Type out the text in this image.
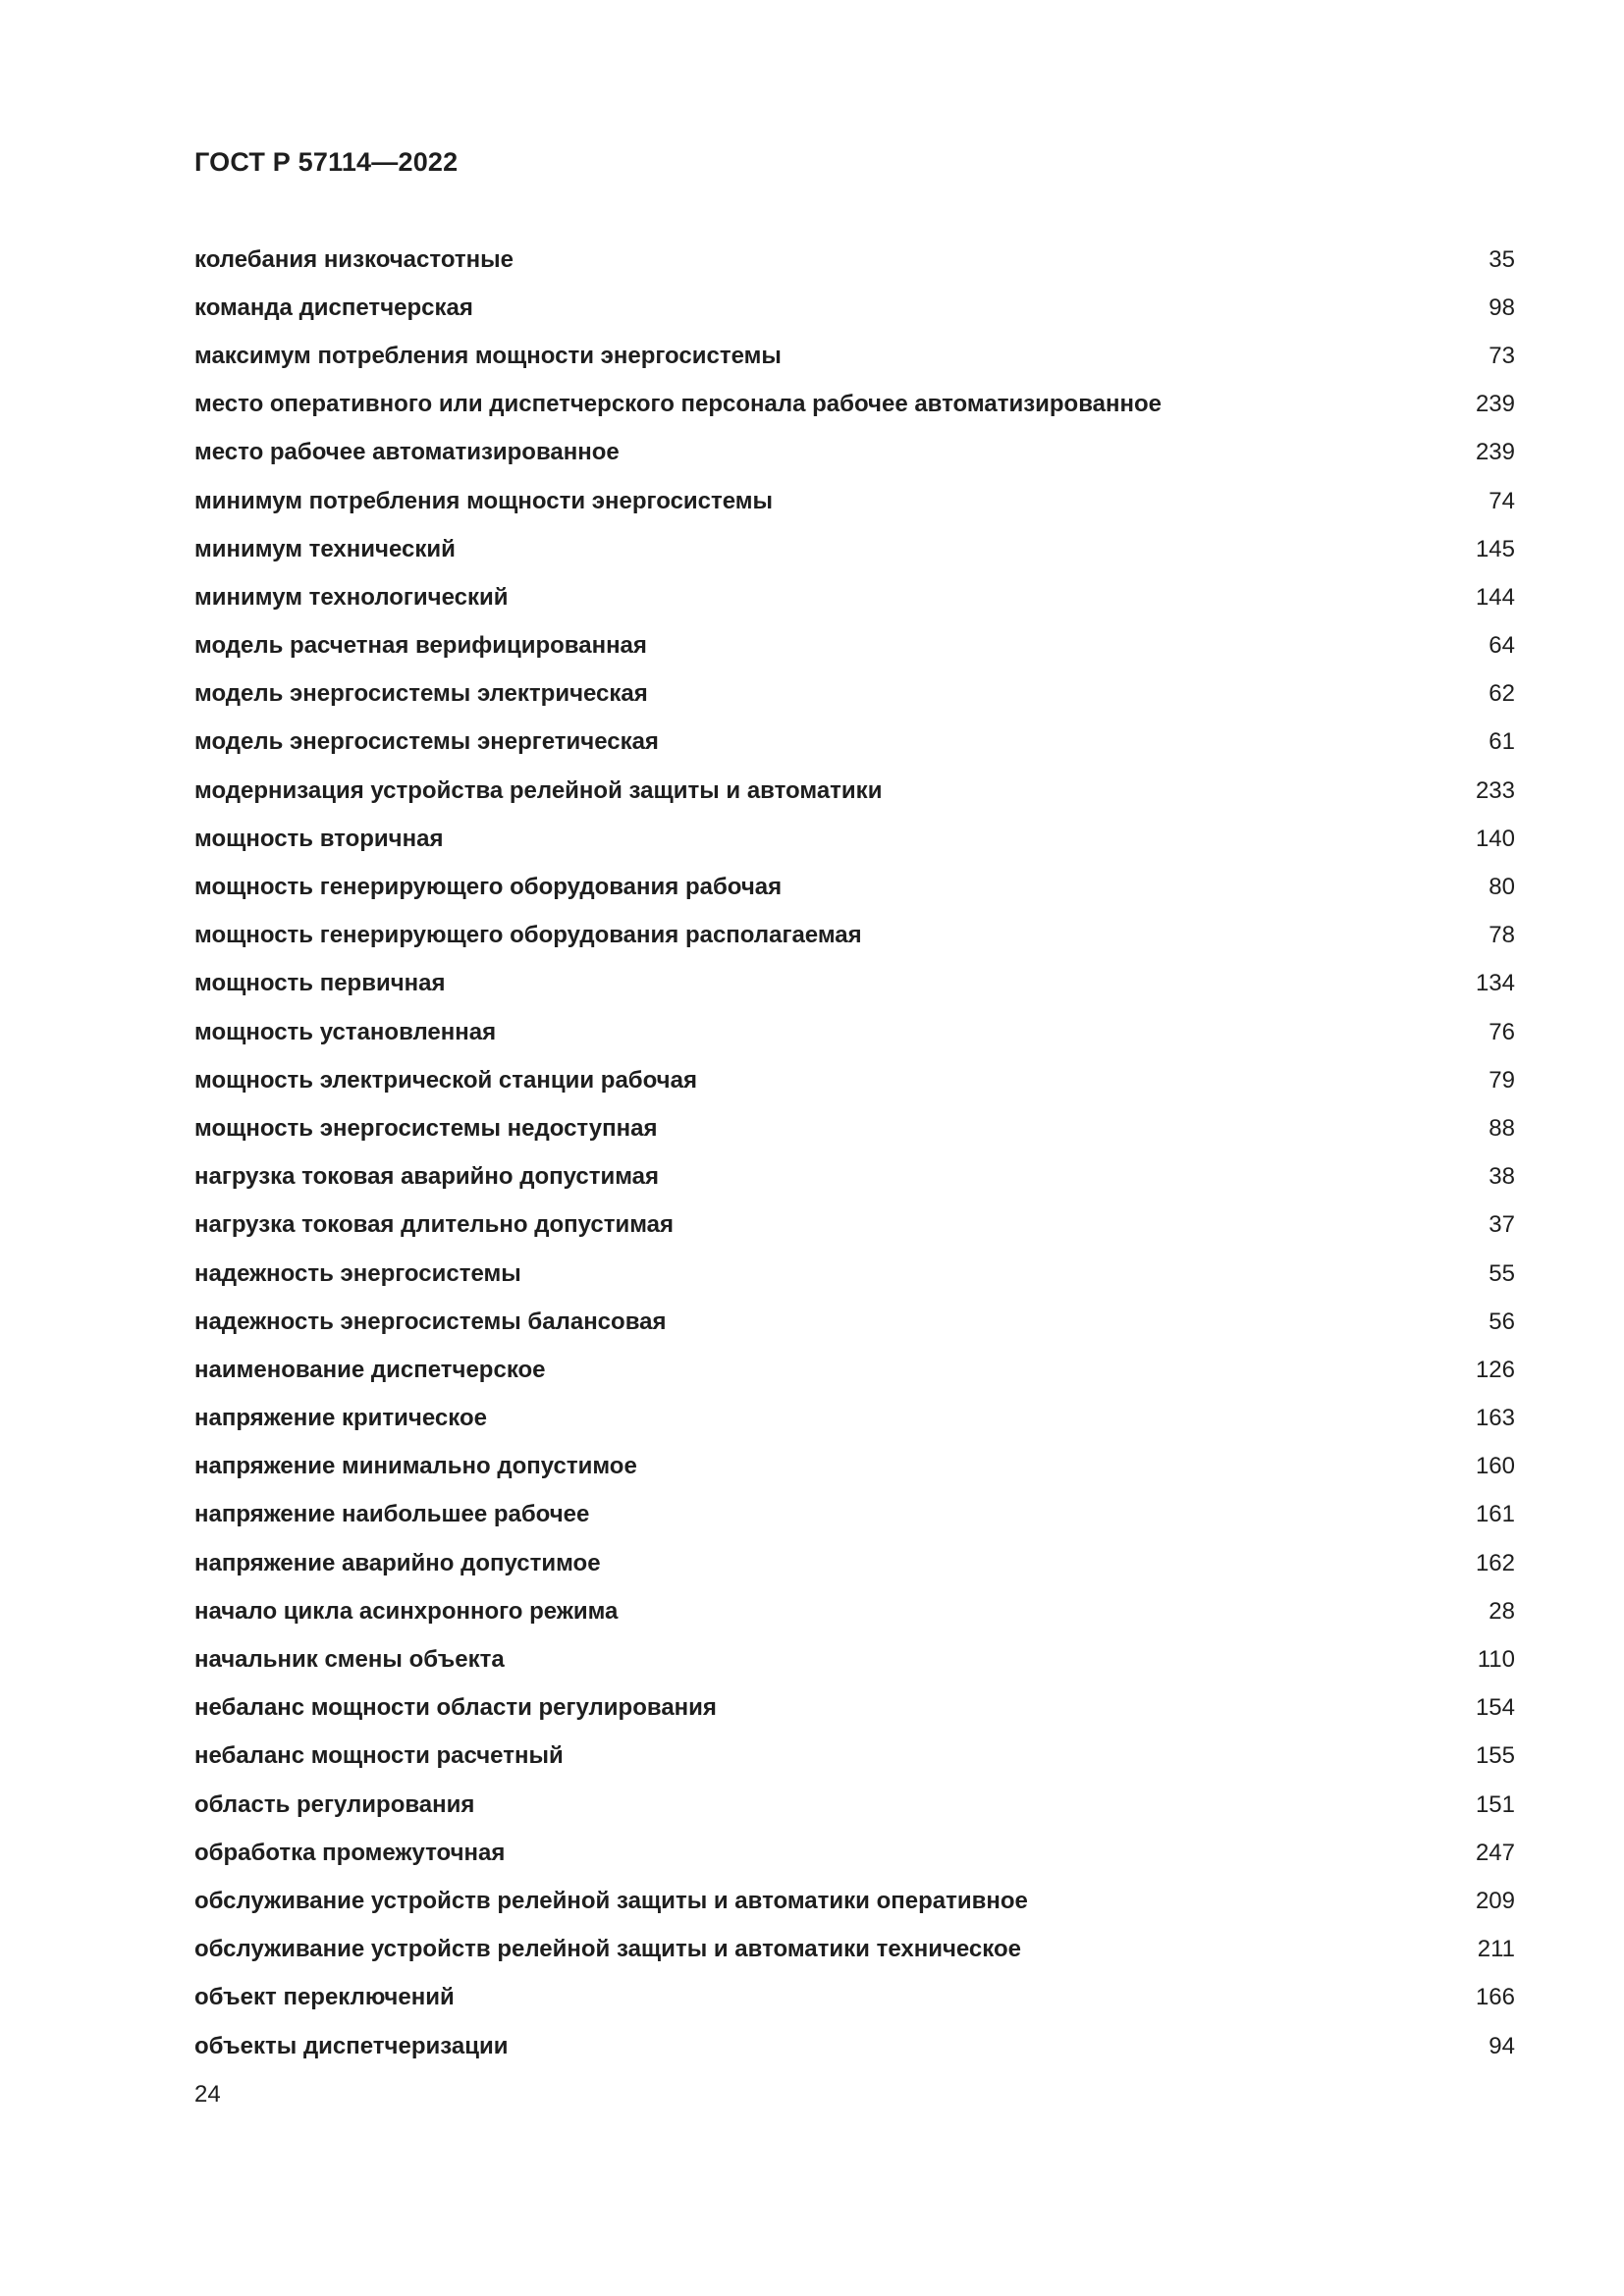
ГОСТ Р 57114—2022
колебания низкочастотные	35
команда диспетчерская	98
максимум потребления мощности энергосистемы	73
место оперативного или диспетчерского персонала рабочее автоматизированное	239
место рабочее автоматизированное	239
минимум потребления мощности энергосистемы	74
минимум технический	145
минимум технологический	144
модель расчетная верифицированная	64
модель энергосистемы электрическая	62
модель энергосистемы энергетическая	61
модернизация устройства релейной защиты и автоматики	233
мощность вторичная	140
мощность генерирующего оборудования рабочая	80
мощность генерирующего оборудования располагаемая	78
мощность первичная	134
мощность установленная	76
мощность электрической станции рабочая	79
мощность энергосистемы недоступная	88
нагрузка токовая аварийно допустимая	38
нагрузка токовая длительно допустимая	37
надежность энергосистемы	55
надежность энергосистемы балансовая	56
наименование диспетчерское	126
напряжение критическое	163
напряжение минимально допустимое	160
напряжение наибольшее рабочее	161
напряжение аварийно допустимое	162
начало цикла асинхронного режима	28
начальник смены объекта	110
небаланс мощности области регулирования	154
небаланс мощности расчетный	155
область регулирования	151
обработка промежуточная	247
обслуживание устройств релейной защиты и автоматики оперативное	209
обслуживание устройств релейной защиты и автоматики техническое	211
объект переключений	166
объекты диспетчеризации	94
24
